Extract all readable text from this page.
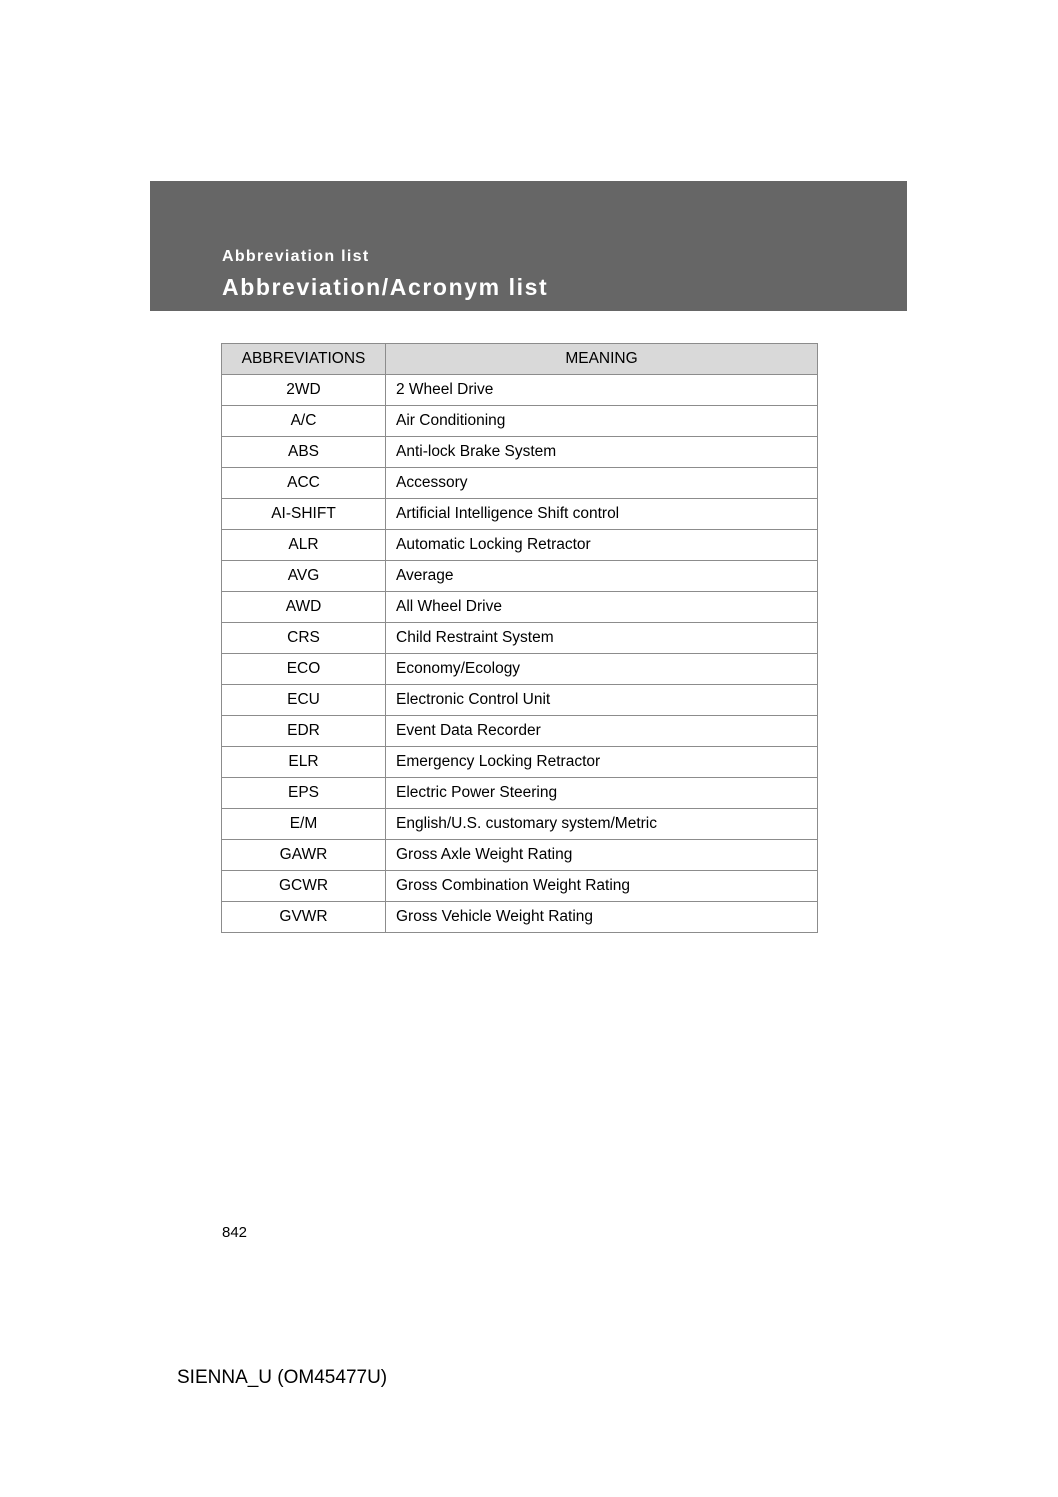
Abbreviation list
Abbreviation/Acronym list
ABBREVIATIONS	MEANING
2WD	2 Wheel Drive
A/C	Air Conditioning
ABS	Anti-lock Brake System
ACC	Accessory
AI-SHIFT	Artificial Intelligence Shift control
ALR	Automatic Locking Retractor
AVG	Average
AWD	All Wheel Drive
CRS	Child Restraint System
ECO	Economy/Ecology
ECU	Electronic Control Unit
EDR	Event Data Recorder
ELR	Emergency Locking Retractor
EPS	Electric Power Steering
E/M	English/U.S. customary system/Metric
GAWR	Gross Axle Weight Rating
GCWR	Gross Combination Weight Rating
GVWR	Gross Vehicle Weight Rating
842
SIENNA_U (OM45477U)
